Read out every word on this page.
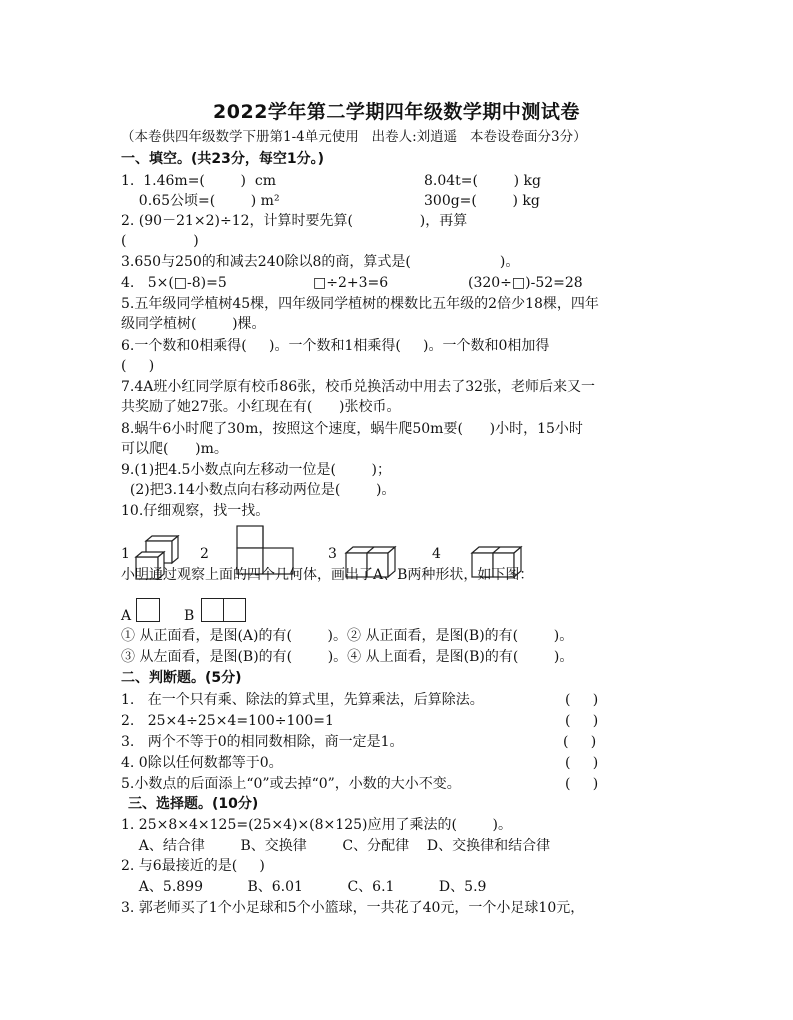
2022学年第二学期四年级数学期中测试卷
（本卷供四年级数学下册第1-4单元使用   出卷人:刘逍遥   本卷设卷面分3分）
一、填空。(共23分，每空1分。)
1.  1.46m=(        )  cm	8.04t=(        ) kg
0.65公顷=(        ) m²	300g=(        ) kg
2. (90－21×2)÷12，计算时要先算(               )，再算
(               )
3.650与250的和减去240除以8的商，算式是(                    )。
4.   5×(□-8)=5	□÷2+3=6	(320÷□)-52=28
5.五年级同学植树45棵，四年级同学植树的棵数比五年级的2倍少18棵，四年
级同学植树(        )棵。
6.一个数和0相乘得(     )。一个数和1相乘得(     )。一个数和0相加得
(     )
7.4A班小红同学原有校币86张，校币兑换活动中用去了32张，老师后来又一
共奖励了她27张。小红现在有(      )张校币。
8.蜗牛6小时爬了30m，按照这个速度，蜗牛爬50m要(      )小时，15小时
可以爬(      )m。
9.(1)把4.5小数点向左移动一位是(        )；
(2)把3.14小数点向右移动两位是(        )。
10.仔细观察，找一找。
1	2	3	4
小明通过观察上面的四个几何体，画出了A、B两种形状，如下图：
A	B
① 从正面看，是图(A)的有(        )。② 从正面看，是图(B)的有(        )。
③ 从左面看，是图(B)的有(        )。④ 从上面看，是图(B)的有(        )。
二、判断题。(5分)
1.   在一个只有乘、除法的算式里，先算乘法，后算除法。	(     )
2.   25×4÷25×4=100÷100=1	(     )
3.   两个不等于0的相同数相除，商一定是1。	(     )
4. 0除以任何数都等于0。	(     )
5.小数点的后面添上“0”或去掉“0”，小数的大小不变。	(     )
三、选择题。(10分)
1. 25×8×4×125=(25×4)×(8×125)应用了乘法的(        )。
A、结合律        B、交换律        C、分配律    D、交换律和结合律
2. 与6最接近的是(     )
A、5.899          B、6.01          C、6.1          D、5.9
3. 郭老师买了1个小足球和5个小篮球，一共花了40元，一个小足球10元，
